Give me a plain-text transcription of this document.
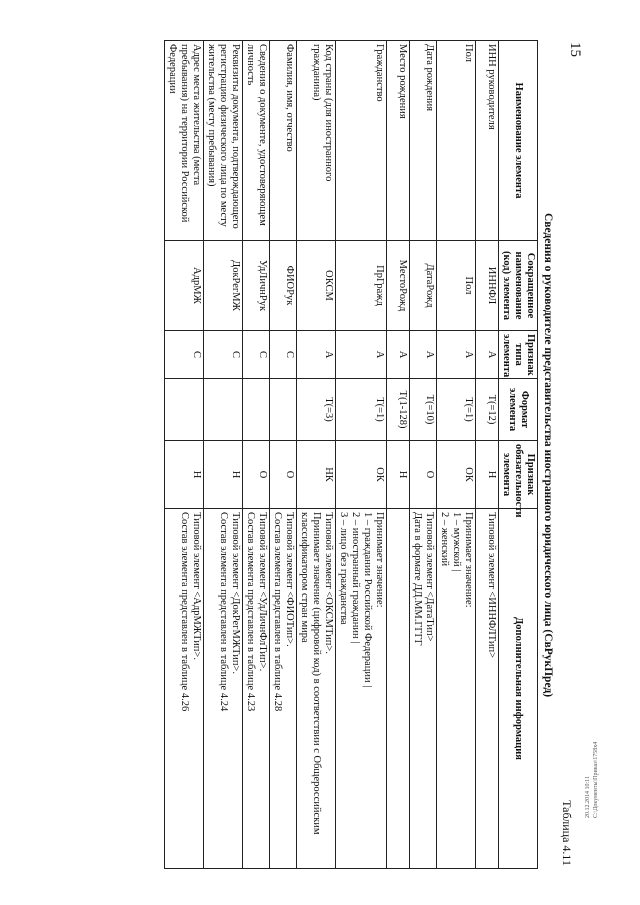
15
Таблица 4.11
Сведения о руководителе представительства иностранного юридического лица (СвРукПред)
Наименование элемента	Сокращенное наименование (код) элемента	Признак типа элемента	Формат элемента	Признак обязательности элемента	Дополнительная информация
ИНН руководителя	ИННФЛ	А	T(=12)	Н	Типовой элемент <ИННФЛТип>
Пол	Пол	А	T(=1)	ОК	Принимает значение:
1 – мужской |
2 – женский
Дата рождения	ДатаРожд	А	T(=10)	О	Типовой элемент <ДатаТип>
Дата в формате ДД.ММ.ГГГГ
Место рождения	МестоРожд	А	T(1-128)	Н	
Гражданство	ПрГражд	А	T(=1)	ОК	Принимает значение:
1 – граждании Российской Федерации |
2 – иностранный гражданин |
3 – лицо без гражданства
Код страны (для иностранного гражданина)	ОКСМ	А	T(=3)	НК	Типовой элемент <ОКСМТип>.
Принимает значение (цифровой код) в соответствии с Общероссийским классификатором стран мира
Фамилия, имя, отчество	ФИОРук	С		О	Типовой элемент <ФИОТип>.
Состав элемента представлен в таблице 4.28
Сведения о документе, удостоверяющем личность	УдЛичнРук	С		О	Типовой элемент <УдЛичнФлТип>.
Состав элемента представлен в таблице 4.23
Реквизиты документа, подтверждающего регистрацию физического лица по месту жительства (месту пребывания)	ДокРегМЖ	С		Н	Типовой элемент <ДокРегМЖТип>.
Состав элемента представлен в таблице 4.24
Адрес места жительства (места пребывания) на территории Российской Федерации	АдрМЖ	С		Н	Типовой элемент <АдрМЖТип>.
Состав элемента представлен в таблице 4.26
20.12.2014 10:11 С:\Документы\Приказ\1758х4
